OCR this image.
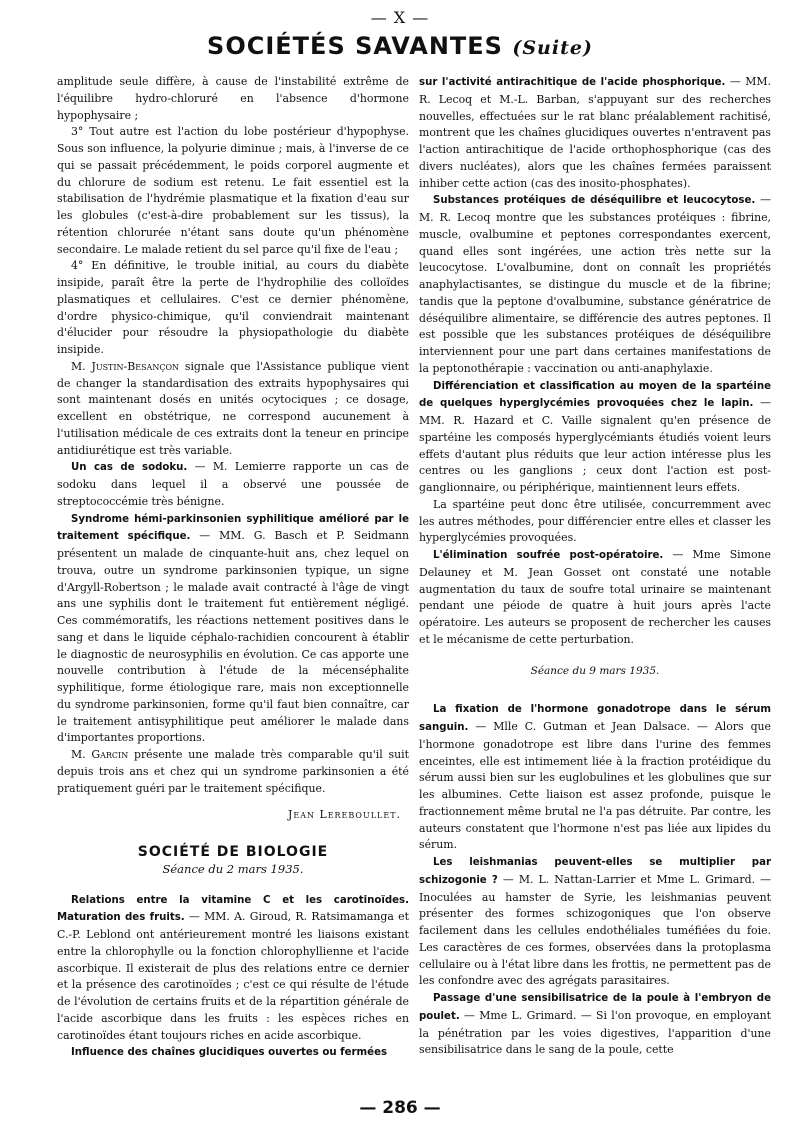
— X —
SOCIÉTÉS SAVANTES (Suite)

amplitude seule diffère, à cause de l'instabilité extrême de l'équilibre hydro-chloruré en l'absence d'hormone hypophysaire ;

3° Tout autre est l'action du lobe postérieur d'hypophyse. Sous son influence, la polyurie diminue ; mais, à l'inverse de ce qui se passait précédemment, le poids corporel augmente et du chlorure de sodium est retenu. Le fait essentiel est la stabilisation de l'hydrémie plasmatique et la fixation d'eau sur les globules (c'est-à-dire probablement sur les tissus), la rétention chlorurée n'étant sans doute qu'un phénomène secondaire. Le malade retient du sel parce qu'il fixe de l'eau ;

4° En définitive, le trouble initial, au cours du diabète insipide, paraît être la perte de l'hydrophilie des colloïdes plasmatiques et cellulaires. C'est ce dernier phénomène, d'ordre physico-chimique, qu'il conviendrait maintenant d'élucider pour résoudre la physiopathologie du diabète insipide.

M. Justin-Besançon signale que l'Assistance publique vient de changer la standardisation des extraits hypophysaires qui sont maintenant dosés en unités ocytociques ; ce dosage, excellent en obstétrique, ne correspond aucunement à l'utilisation médicale de ces extraits dont la teneur en principe antidiurétique est très variable.

Un cas de sodoku. — M. Lemierre rapporte un cas de sodoku dans lequel il a observé une poussée de streptococcémie très bénigne.

Syndrome hémi-parkinsonien syphilitique amélioré par le traitement spécifique. — MM. G. Basch et P. Seidmann présentent un malade de cinquante-huit ans, chez lequel on trouva, outre un syndrome parkinsonien typique, un signe d'Argyll-Robertson ; le malade avait contracté à l'âge de vingt ans une syphilis dont le traitement fut entièrement négligé. Ces commémoratifs, les réactions nettement positives dans le sang et dans le liquide céphalo-rachidien concourent à établir le diagnostic de neurosyphilis en évolution. Ce cas apporte une nouvelle contribution à l'étude de la mécenséphalite syphilitique, forme étiologique rare, mais non exceptionnelle du syndrome parkinsonien, forme qu'il faut bien connaître, car le traitement antisyphilitique peut améliorer le malade dans d'importantes proportions.

M. Garcin présente une malade très comparable qu'il suit depuis trois ans et chez qui un syndrome parkinsonien a été pratiquement guéri par le traitement spécifique.

Jean Lereboullet.

SOCIÉTÉ DE BIOLOGIE
Séance du 2 mars 1935.

Relations entre la vitamine C et les carotinoïdes. Maturation des fruits. — MM. A. Giroud, R. Ratsimamanga et C.-P. Leblond ont antérieurement montré les liaisons existant entre la chlorophylle ou la fonction chlorophyllienne et l'acide ascorbique. Il existerait de plus des relations entre ce dernier et la présence des carotinoïdes ; c'est ce qui résulte de l'étude de l'évolution de certains fruits et de la répartition générale de l'acide ascorbique dans les fruits : les espèces riches en carotinoïdes étant toujours riches en acide ascorbique.

Influence des chaînes glucidiques ouvertes ou fermées

sur l'activité antirachitique de l'acide phosphorique. — MM. R. Lecoq et M.-L. Barban, s'appuyant sur des recherches nouvelles, effectuées sur le rat blanc préalablement rachitisé, montrent que les chaînes glucidiques ouvertes n'entravent pas l'action antirachitique de l'acide orthophosphorique (cas des divers nucléates), alors que les chaînes fermées paraissent inhiber cette action (cas des inosito-phosphates).

Substances protéiques de déséquilibre et leucocytose. — M. R. Lecoq montre que les substances protéiques : fibrine, muscle, ovalbumine et peptones correspondantes exercent, quand elles sont ingérées, une action très nette sur la leucocytose. L'ovalbumine, dont on connaît les propriétés anaphylactisantes, se distingue du muscle et de la fibrine; tandis que la peptone d'ovalbumine, substance génératrice de déséquilibre alimentaire, se différencie des autres peptones. Il est possible que les substances protéiques de déséquilibre interviennent pour une part dans certaines manifestations de la peptonothérapie : vaccination ou anti-anaphylaxie.

Différenciation et classification au moyen de la spartéine de quelques hyperglycémies provoquées chez le lapin. — MM. R. Hazard et C. Vaille signalent qu'en présence de spartéine les composés hyperglycémiants étudiés voient leurs effets d'autant plus réduits que leur action intéresse plus les centres ou les ganglions ; ceux dont l'action est post-ganglionnaire, ou périphérique, maintiennent leurs effets.

La spartéine peut donc être utilisée, concurremment avec les autres méthodes, pour différencier entre elles et classer les hyperglycémies provoquées.

L'élimination soufrée post-opératoire. — Mme Simone Delauney et M. Jean Gosset ont constaté une notable augmentation du taux de soufre total urinaire se maintenant pendant une péiode de quatre à huit jours après l'acte opératoire. Les auteurs se proposent de rechercher les causes et le mécanisme de cette perturbation.

Séance du 9 mars 1935.

La fixation de l'hormone gonadotrope dans le sérum sanguin. — Mlle C. Gutman et Jean Dalsace. — Alors que l'hormone gonadotrope est libre dans l'urine des femmes enceintes, elle est intimement liée à la fraction protéidique du sérum aussi bien sur les euglobulines et les globulines que sur les albumines. Cette liaison est assez profonde, puisque le fractionnement même brutal ne l'a pas détruite. Par contre, les auteurs constatent que l'hormone n'est pas liée aux lipides du sérum.

Les leishmanias peuvent-elles se multiplier par schizogonie ? — M. L. Nattan-Larrier et Mme L. Grimard. — Inoculées au hamster de Syrie, les leishmanias peuvent présenter des formes schizogoniques que l'on observe facilement dans les cellules endothéliales tuméfiées du foie. Les caractères de ces formes, observées dans la protoplasma cellulaire ou à l'état libre dans les frottis, ne permettent pas de les confondre avec des agrégats parasitaires.

Passage d'une sensibilisatrice de la poule à l'embryon de poulet. — Mme L. Grimard. — Si l'on provoque, en employant la pénétration par les voies digestives, l'apparition d'une sensibilisatrice dans le sang de la poule, cette

— 286 —
